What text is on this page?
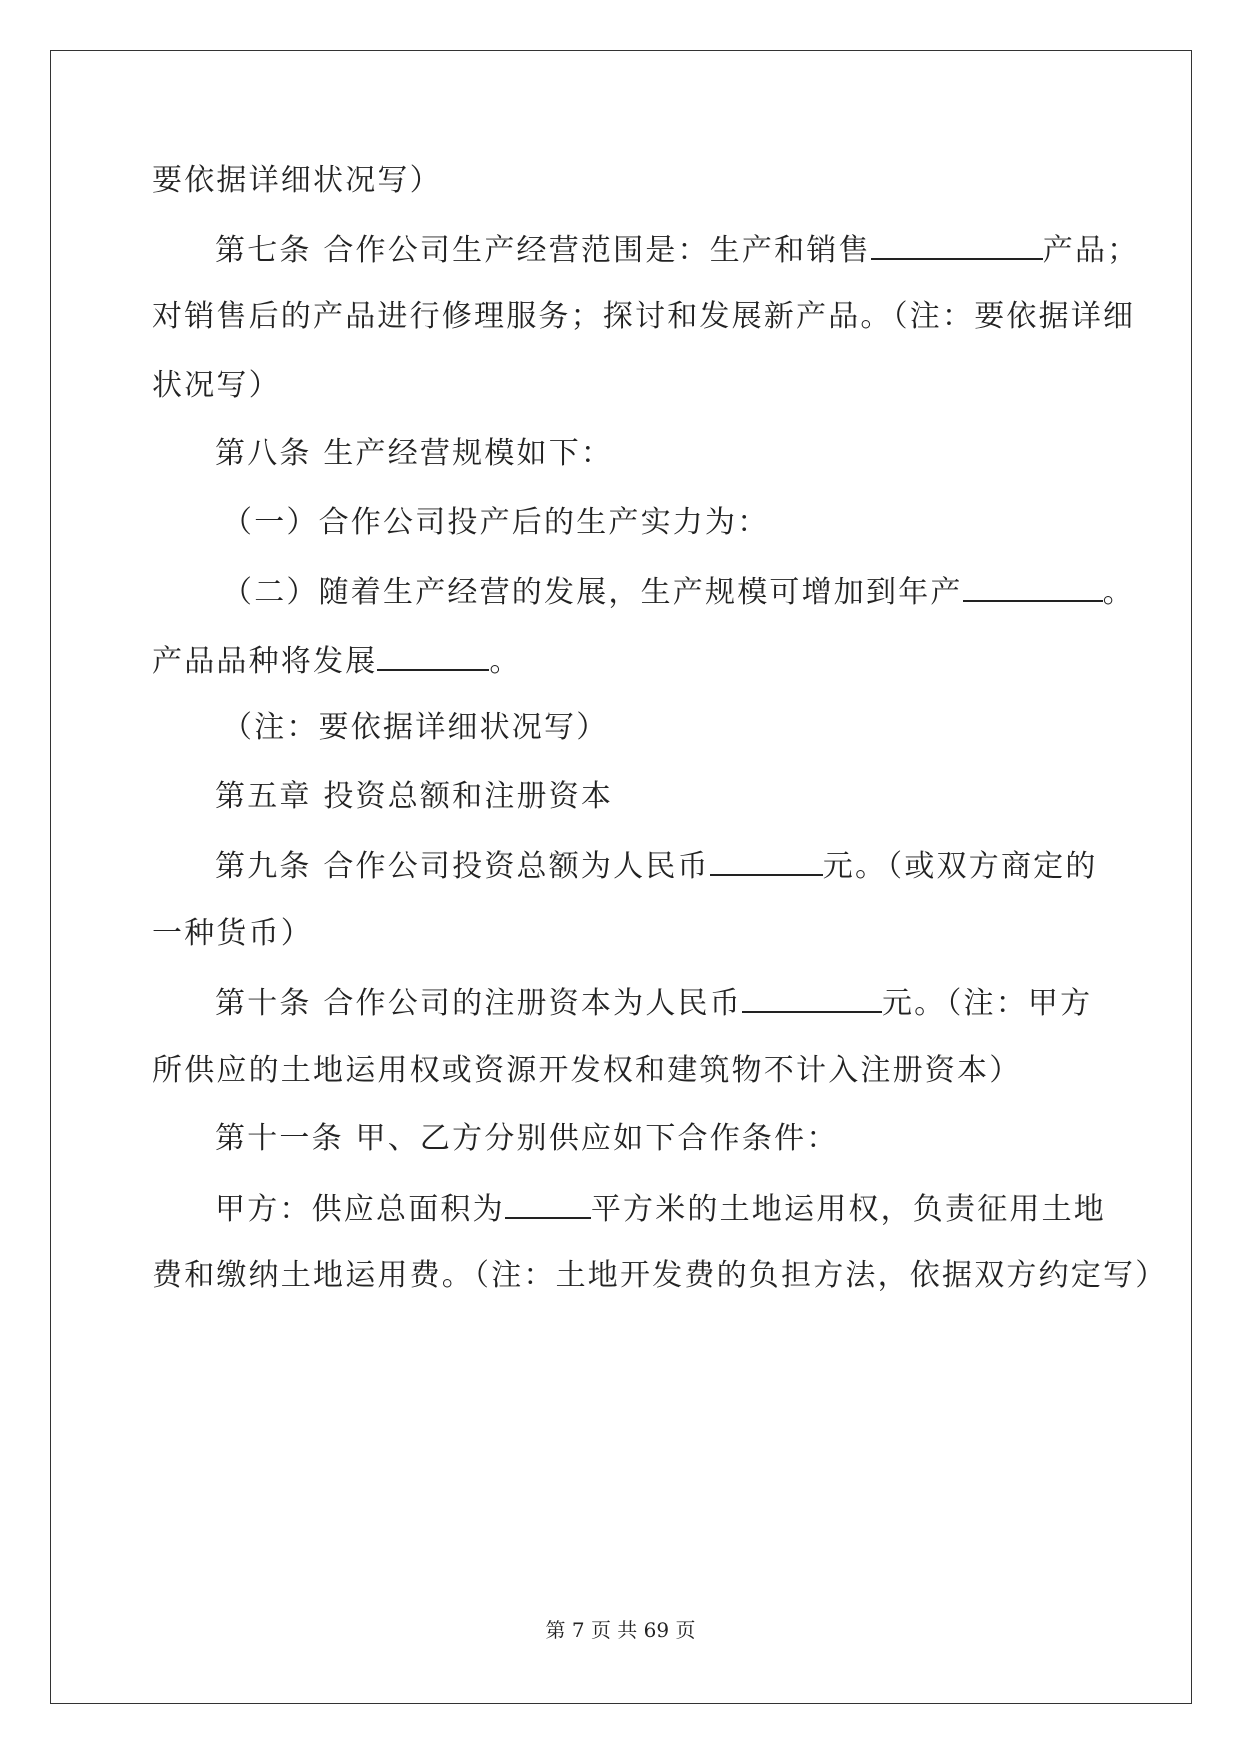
要依据详细状况写）
第七条 合作公司生产经营范围是：生产和销售	产品；
对销售后的产品进行修理服务；探讨和发展新产品。（注：要依据详细
状况写）
第八条 生产经营规模如下：
（一）合作公司投产后的生产实力为：
（二）随着生产经营的发展，生产规模可增加到年产	。
产品品种将发展	。
（注：要依据详细状况写）
第五章 投资总额和注册资本
第九条 合作公司投资总额为人民币	元。（或双方商定的
一种货币）
第十条 合作公司的注册资本为人民币	元。（注：甲方
所供应的土地运用权或资源开发权和建筑物不计入注册资本）
第十一条 甲、乙方分别供应如下合作条件：
甲方：供应总面积为	平方米的土地运用权，负责征用土地
费和缴纳土地运用费。（注：土地开发费的负担方法，依据双方约定写）
第 7 页 共 69 页
